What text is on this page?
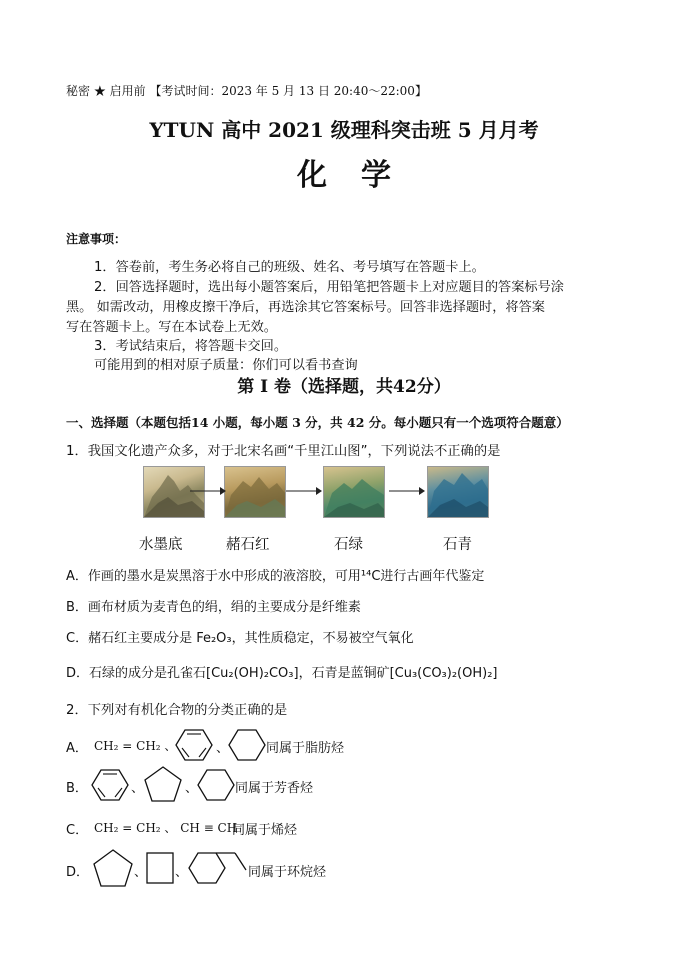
秘密 ★ 启用前 【考试时间：2023 年 5 月 13 日 20:40～22:00】
YTUN 高中 2021 级理科突击班 5 月月考
化学
注意事项：
1．答卷前，考生务必将自己的班级、姓名、考号填写在答题卡上。
2．回答选择题时，选出每小题答案后，用铅笔把答题卡上对应题目的答案标号涂
黑。 如需改动，用橡皮擦干净后，再选涂其它答案标号。回答非选择题时，将答案
写在答题卡上。写在本试卷上无效。
3．考试结束后，将答题卡交回。
可能用到的相对原子质量：你们可以看书查询
第 Ⅰ 卷（选择题，共42分）
一、选择题（本题包括14 小题，每小题 3 分，共 42 分。每小题只有一个选项符合题意）
1．我国文化遗产众多，对于北宋名画“千里江山图”，下列说法不正确的是
水墨底	赭石红	石绿	石青
A．作画的墨水是炭黑溶于水中形成的液溶胶，可用¹⁴C进行古画年代鉴定
B．画布材质为麦青色的绢，绢的主要成分是纤维素
C．赭石红主要成分是 Fe₂O₃，其性质稳定，不易被空气氧化
D．石绿的成分是孔雀石[Cu₂(OH)₂CO₃]，石青是蓝铜矿[Cu₃(CO₃)₂(OH)₂]
2．下列对有机化合物的分类正确的是
A． CH₂ = CH₂ 、	、	同属于脂肪烃
B．	、	、	同属于芳香烃
C． CH₂ = CH₂ 、 CH ≡ CH
同属于烯烃
D．	、 、	同属于环烷烃
